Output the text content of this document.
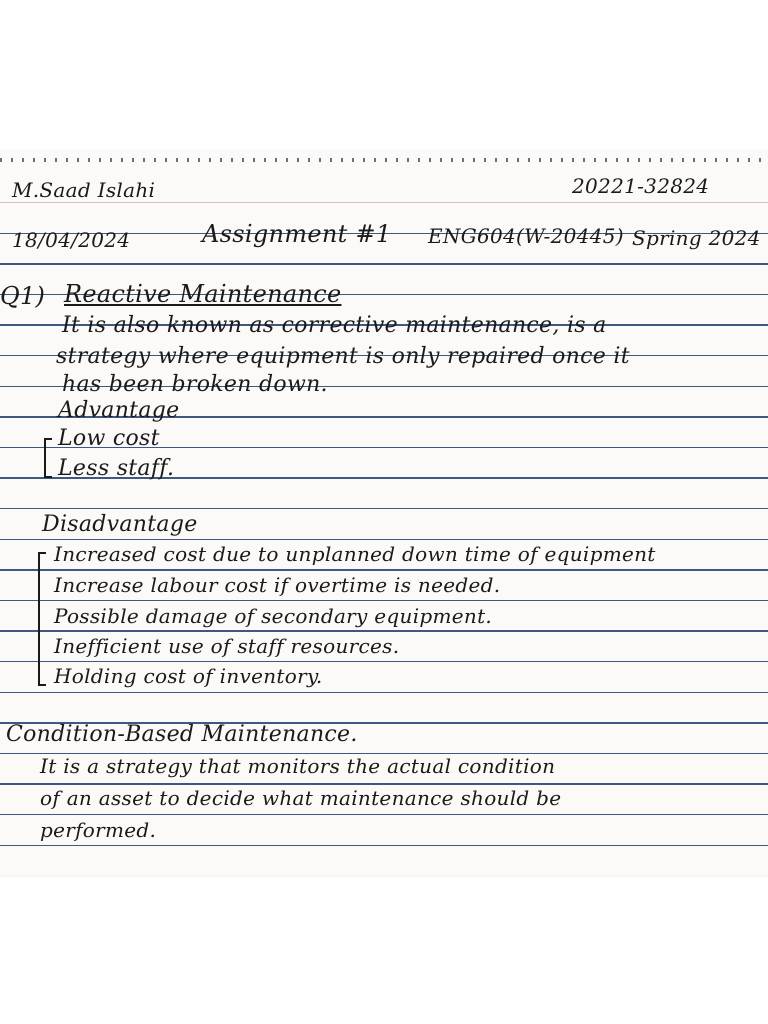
M.Saad Islahi	20221-32824
18/04/2024	Assignment #1 ENG604(W-20445) Spring 2024
Q1) Reactive Maintenance
It is also known as corrective maintenance, is a
strategy where equipment is only repaired once it
has been broken down.
Advantage
Low cost
Less staff.
Disadvantage
Increased cost due to unplanned down time of equipment
Increase labour cost if overtime is needed.
Possible damage of secondary equipment.
Inefficient use of staff resources.
Holding cost of inventory.
Condition-Based Maintenance.
It is a strategy that monitors the actual condition
of an asset to decide what maintenance should be
performed.
